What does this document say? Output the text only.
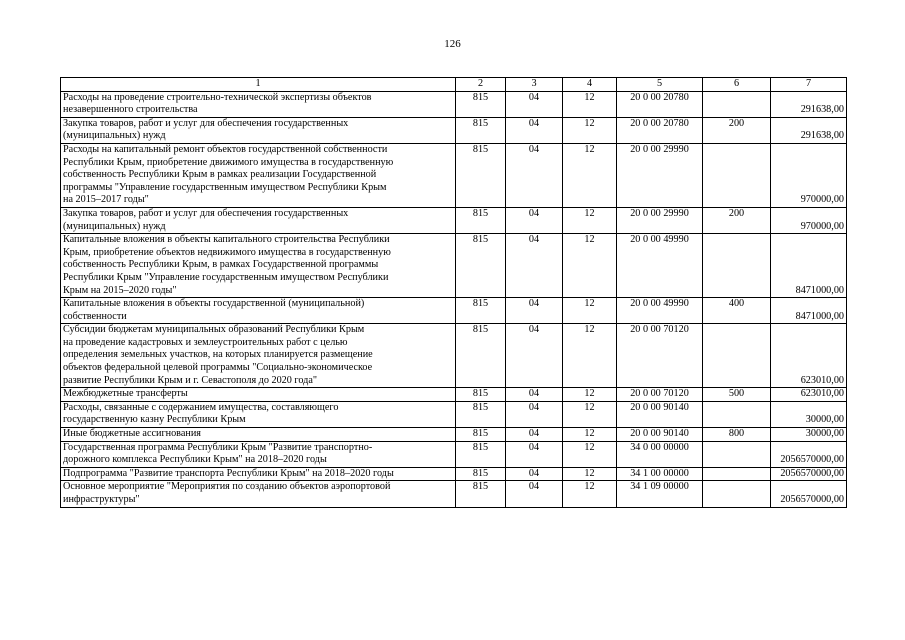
126
1	2	3	4	5	6	7

Расходы на проведение строительно-технической экспертизы объектов
незавершенного строительства	815	04	12	20 0 00 20780		291638,00

Закупка товаров, работ и услуг для обеспечения государственных
(муниципальных) нужд	815	04	12	20 0 00 20780	200	291638,00

Расходы на капитальный ремонт объектов государственной собственности
Республики Крым, приобретение движимого имущества в государственную
собственность Республики Крым в рамках реализации Государственной
программы "Управление государственным имуществом Республики Крым
на 2015–2017 годы"	815	04	12	20 0 00 29990		970000,00

Закупка товаров, работ и услуг для обеспечения государственных
(муниципальных) нужд	815	04	12	20 0 00 29990	200	970000,00

Капитальные вложения в объекты капитального строительства Республики
Крым, приобретение объектов недвижимого имущества в государственную
собственность Республики Крым, в рамках Государственной программы
Республики Крым "Управление государственным имуществом Республики
Крым на 2015–2020 годы"	815	04	12	20 0 00 49990		8471000,00

Капитальные вложения в объекты государственной (муниципальной)
собственности	815	04	12	20 0 00 49990	400	8471000,00

Субсидии бюджетам муниципальных образований Республики Крым
на проведение кадастровых и землеустроительных работ с целью
определения земельных участков, на которых планируется размещение
объектов федеральной целевой программы "Социально-экономическое
развитие Республики Крым и г. Севастополя до 2020 года"	815	04	12	20 0 00 70120		623010,00

Межбюджетные трансферты	815	04	12	20 0 00 70120	500	623010,00

Расходы, связанные с содержанием имущества, составляющего
государственную казну Республики Крым	815	04	12	20 0 00 90140		30000,00

Иные бюджетные ассигнования	815	04	12	20 0 00 90140	800	30000,00

Государственная программа Республики Крым "Развитие транспортно-
дорожного комплекса Республики Крым" на 2018–2020 годы	815	04	12	34 0 00 00000		2056570000,00

Подпрограмма "Развитие транспорта Республики Крым" на 2018–2020 годы	815	04	12	34 1 00 00000		2056570000,00

Основное мероприятие "Мероприятия по созданию объектов аэропортовой
инфраструктуры"	815	04	12	34 1 09 00000		2056570000,00
